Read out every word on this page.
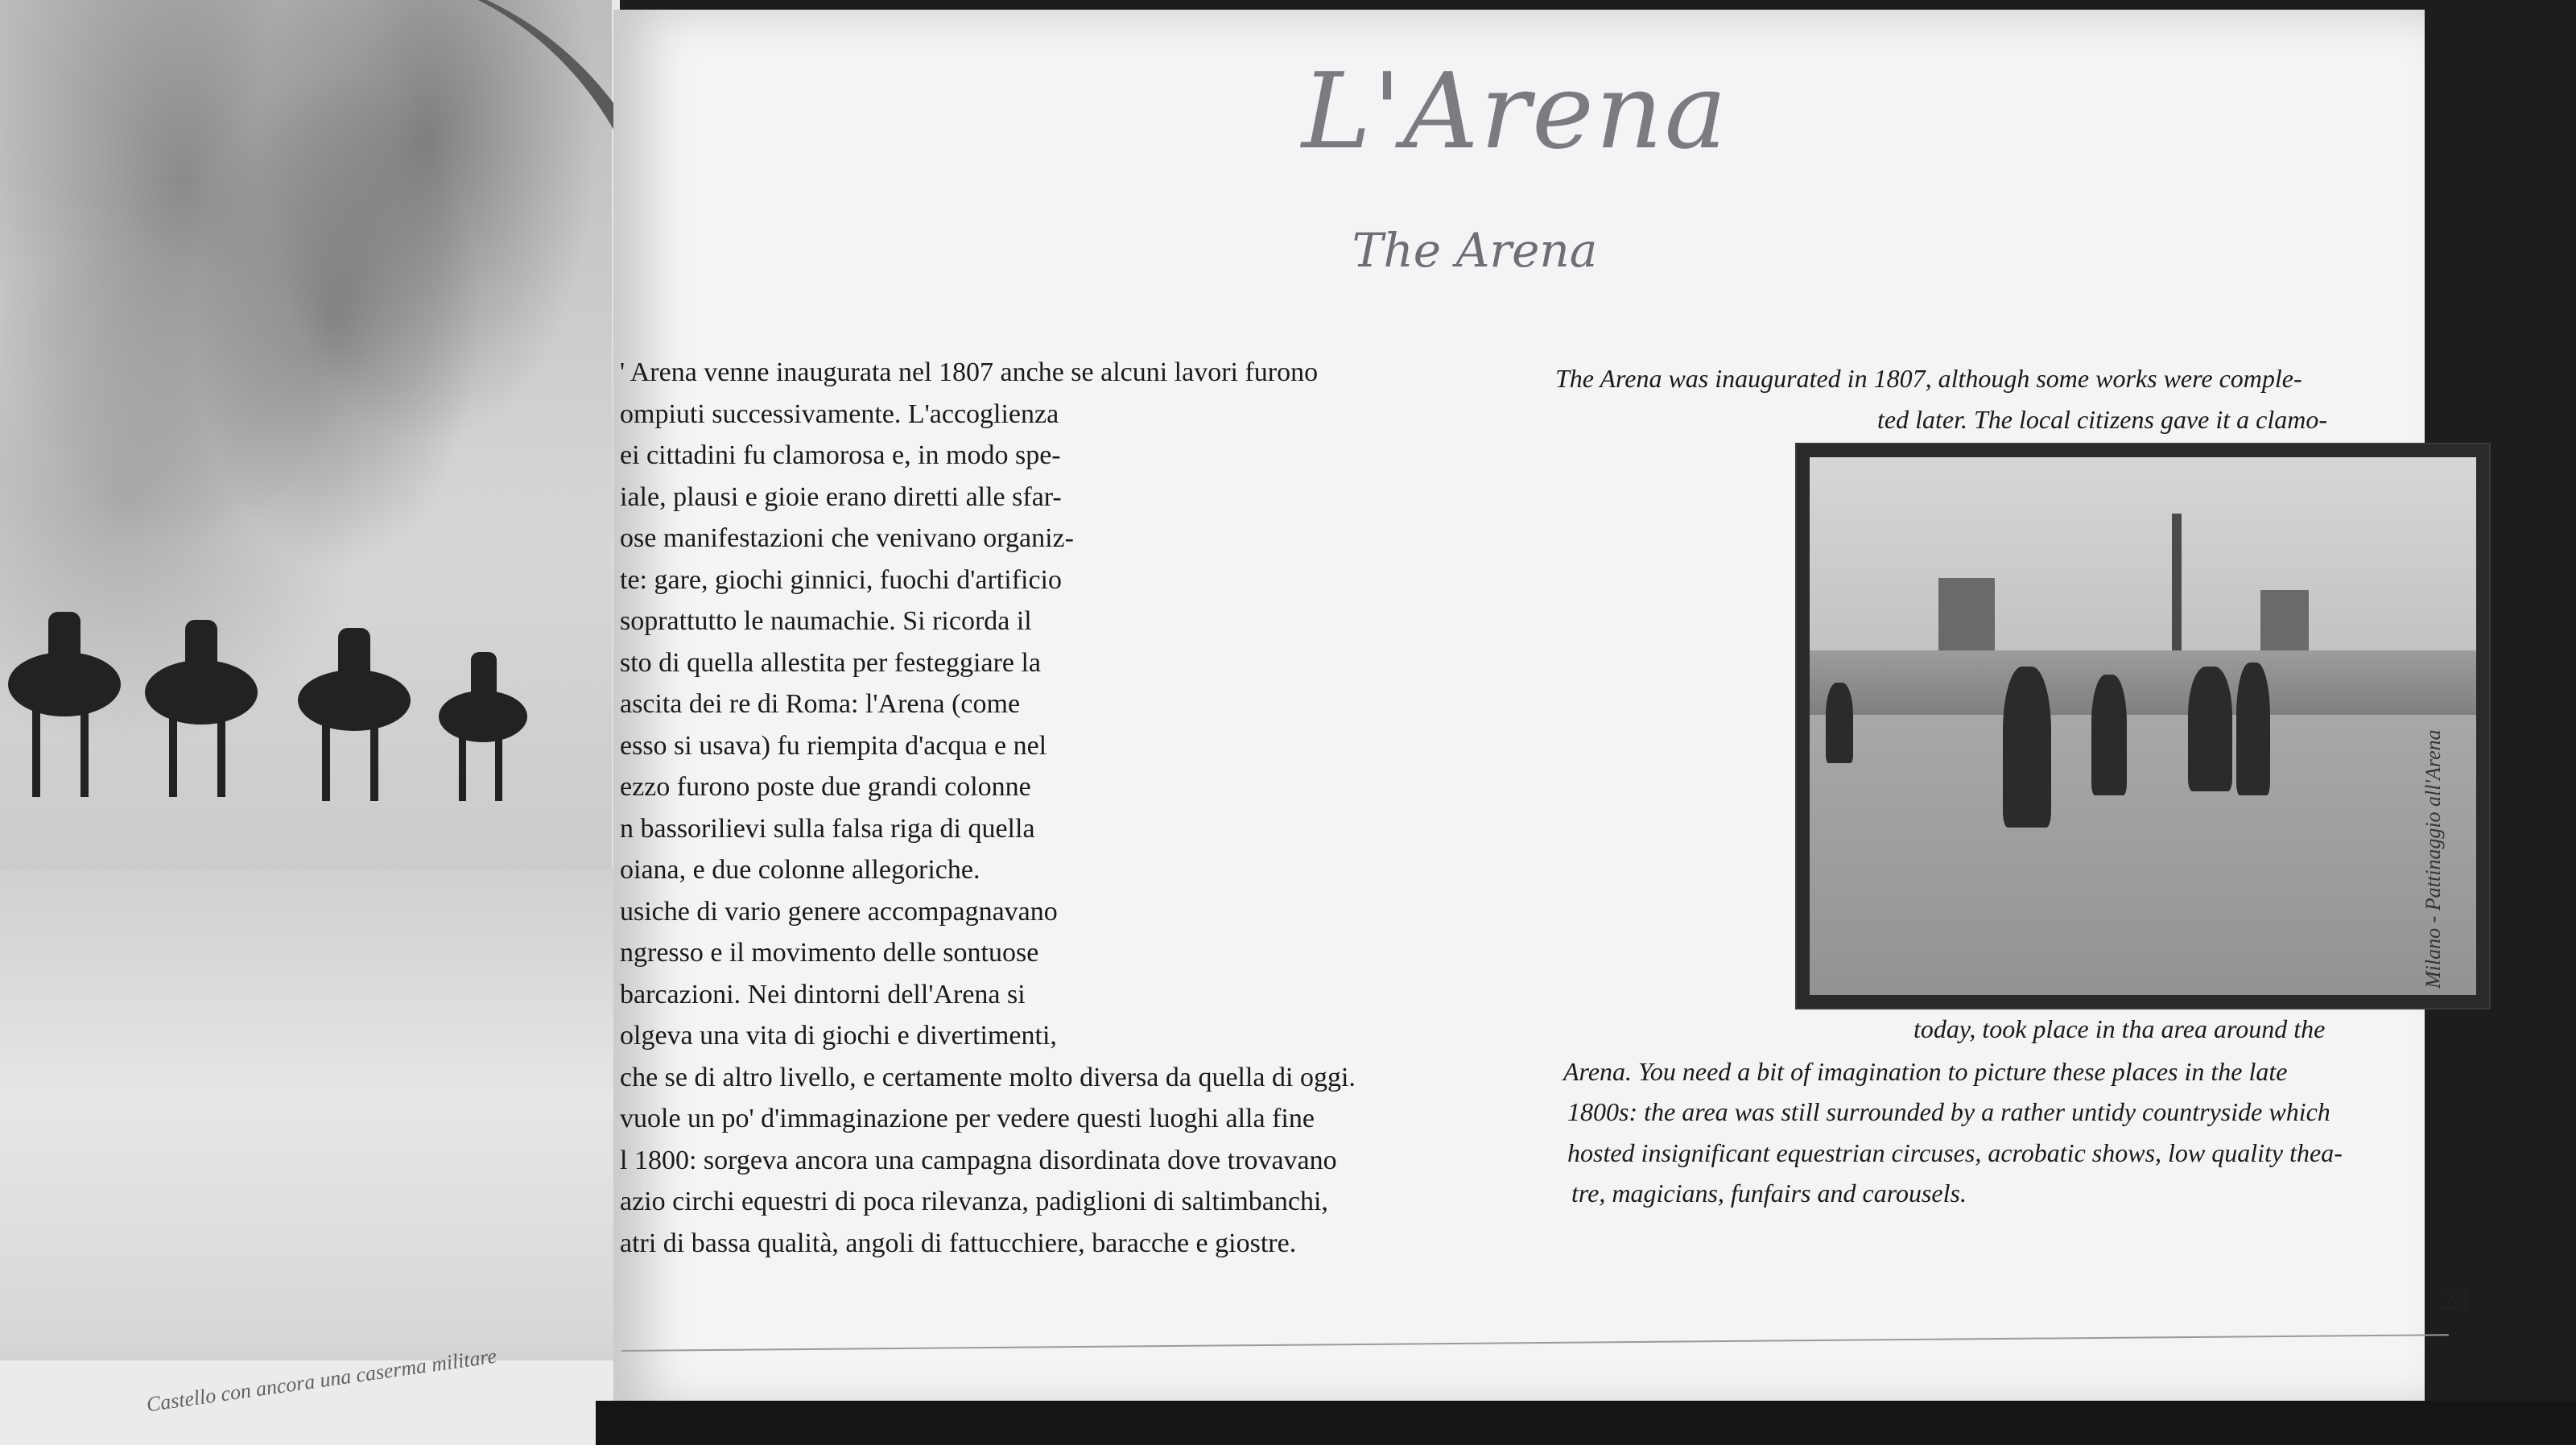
Castello con ancora una caserma militare
L'Arena
The Arena
' Arena venne inaugurata nel 1807 anche se alcuni lavori furono
ompiuti successivamente. L'accoglienza
ei cittadini fu clamorosa e, in modo spe-
iale, plausi e gioie erano diretti alle sfar-
ose manifestazioni che venivano organiz-
te: gare, giochi ginnici, fuochi d'artificio
soprattutto le naumachie. Si ricorda il
sto di quella allestita per festeggiare la
ascita dei re di Roma: l'Arena (come
esso si usava) fu riempita d'acqua e nel
ezzo furono poste due grandi colonne
n bassorilievi sulla falsa riga di quella
oiana, e due colonne allegoriche.
usiche di vario genere accompagnavano
ngresso e il movimento delle sontuose
barcazioni. Nei dintorni dell'Arena si
olgeva una vita di giochi e divertimenti,
che se di altro livello, e certamente molto diversa da quella di oggi.
vuole un po' d'immaginazione per vedere questi luoghi alla fine
l 1800: sorgeva ancora una campagna disordinata dove trovavano
azio circhi equestri di poca rilevanza, padiglioni di saltimbanchi,
atri di bassa qualità, angoli di fattucchiere, baracche e giostre.
The Arena was inaugurated in 1807, although some works were comple-
ted later. The local citizens gave it a clamo-
today, took place in tha area around the
Arena. You need a bit of imagination to picture these places in the late
1800s: the area was still surrounded by a rather untidy countryside which
hosted insignificant equestrian circuses, acrobatic shows, low quality thea-
tre, magicians, funfairs and carousels.
Milano - Pattinaggio all'Arena
23
